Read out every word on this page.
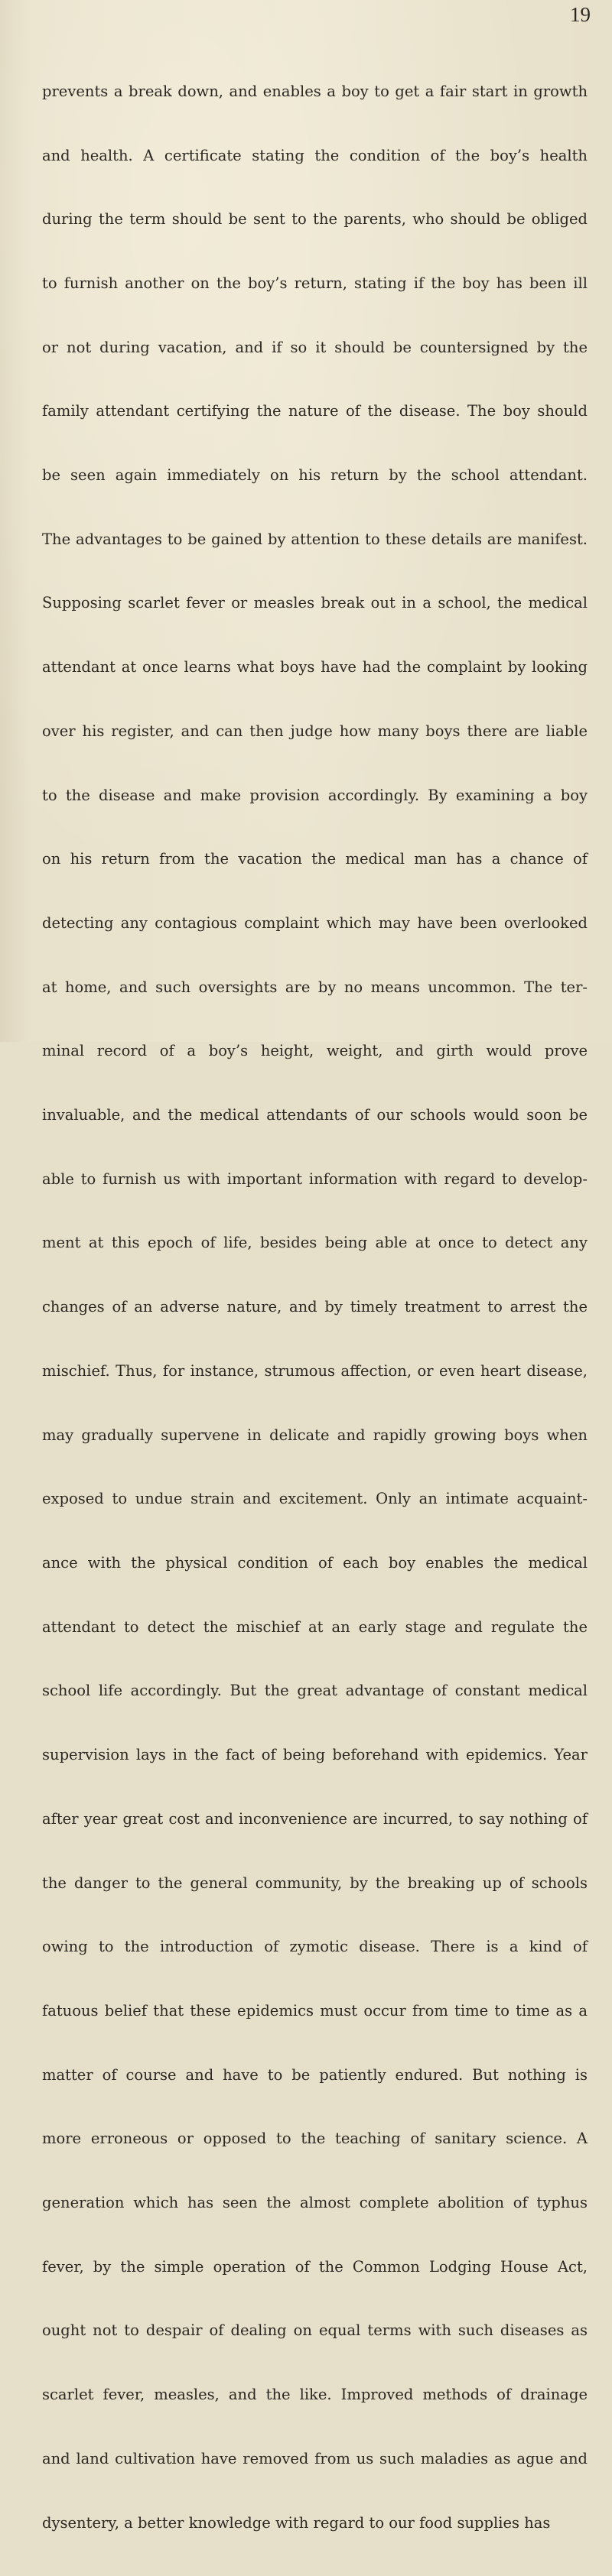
19

prevents a break down, and enables a boy to get a fair start in growth

and health. A certificate stating the condition of the boy’s health

during the term should be sent to the parents, who should be obliged

to furnish another on the boy’s return, stating if the boy has been ill

or not during vacation, and if so it should be countersigned by the

family attendant certifying the nature of the disease. The boy should

be seen again immediately on his return by the school attendant.

The advantages to be gained by attention to these details are manifest.

Supposing scarlet fever or measles break out in a school, the medical

attendant at once learns what boys have had the complaint by looking

over his register, and can then judge how many boys there are liable

to the disease and make provision accordingly. By examining a boy

on his return from the vacation the medical man has a chance of

detecting any contagious complaint which may have been overlooked

at home, and such oversights are by no means uncommon. The ter-

minal record of a boy’s height, weight, and girth would prove

invaluable, and the medical attendants of our schools would soon be

able to furnish us with important information with regard to develop-

ment at this epoch of life, besides being able at once to detect any

changes of an adverse nature, and by timely treatment to arrest the

mischief. Thus, for instance, strumous affection, or even heart disease,

may gradually supervene in delicate and rapidly growing boys when

exposed to undue strain and excitement. Only an intimate acquaint-

ance with the physical condition of each boy enables the medical

attendant to detect the mischief at an early stage and regulate the

school life accordingly. But the great advantage of constant medical

supervision lays in the fact of being beforehand with epidemics. Year

after year great cost and inconvenience are incurred, to say nothing of

the danger to the general community, by the breaking up of schools

owing to the introduction of zymotic disease. There is a kind of

fatuous belief that these epidemics must occur from time to time as a

matter of course and have to be patiently endured. But nothing is

more erroneous or opposed to the teaching of sanitary science. A

generation which has seen the almost complete abolition of typhus

fever, by the simple operation of the Common Lodging House Act,

ought not to despair of dealing on equal terms with such diseases as

scarlet fever, measles, and the like. Improved methods of drainage

and land cultivation have removed from us such maladies as ague and

dysentery, a better knowledge with regard to our food supplies has
